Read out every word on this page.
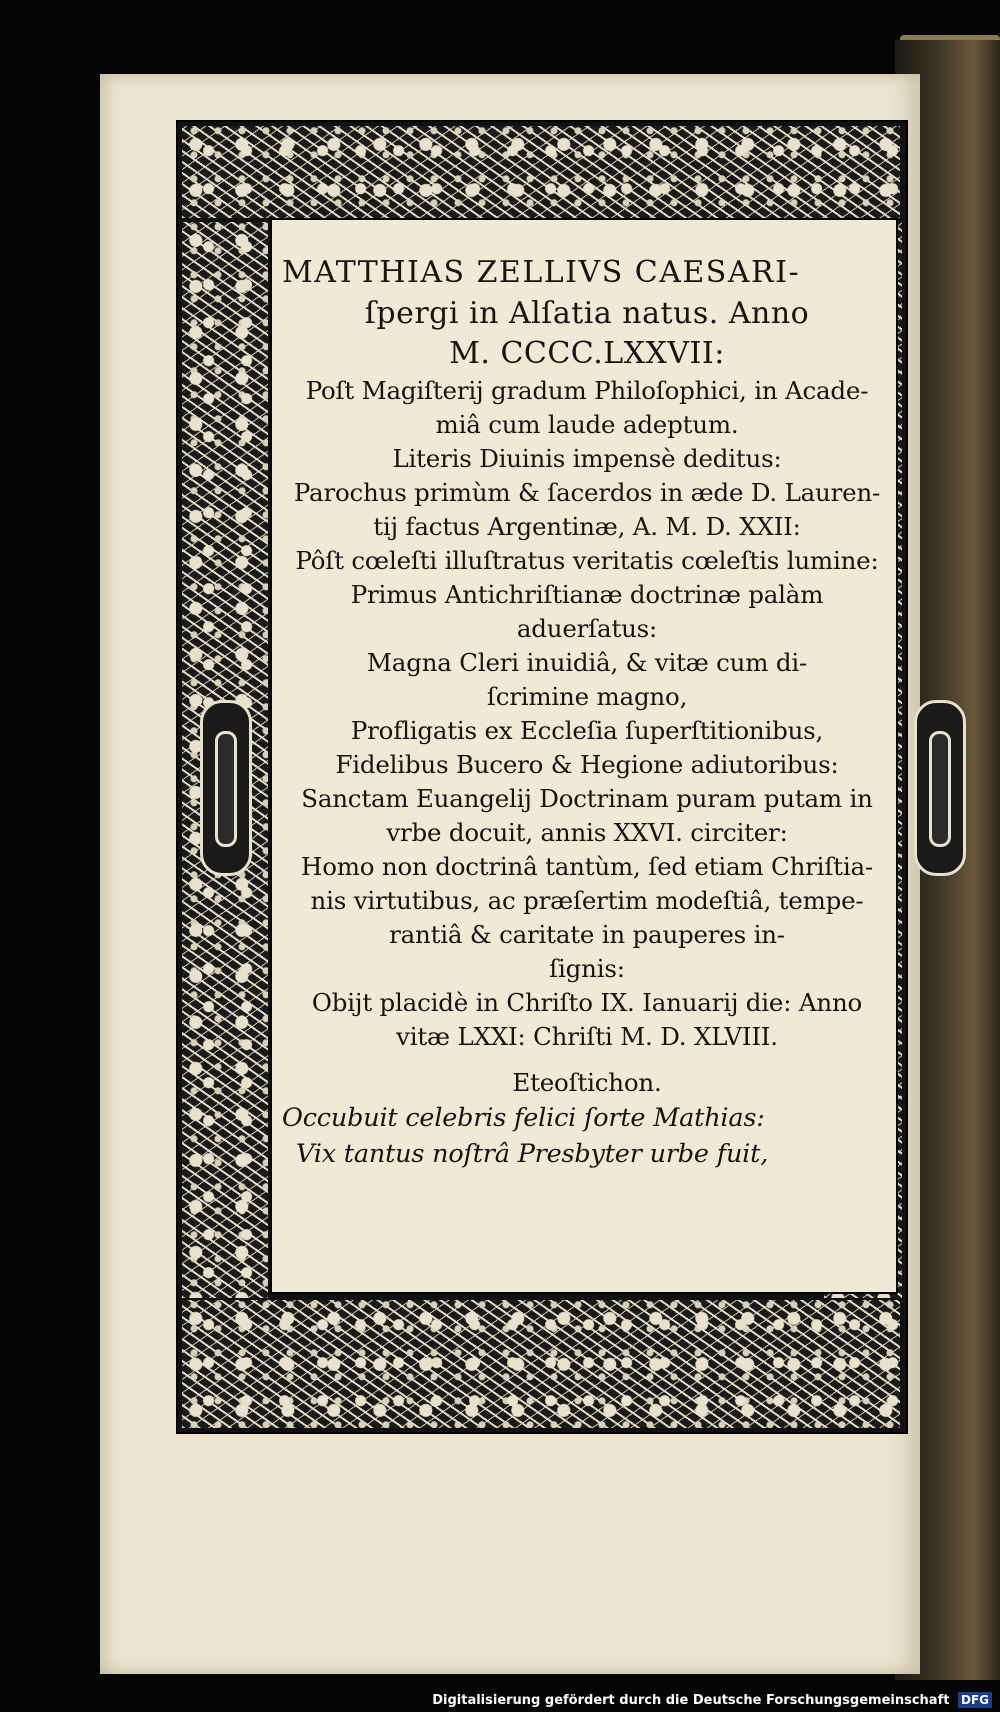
MATTHIAS ZELLIVS CAESARI-
ſpergi in Alſatia natus. Anno
M. CCCC.LXXVII:
Poſt Magiſterij gradum Philoſophici, in Acade-
miâ cum laude adeptum.
Literis Diuinis impensè deditus:
Parochus primùm & ſacerdos in æde D. Lauren-
tij factus Argentinæ, A. M. D. XXII:
Pôſt cœleſti illuſtratus veritatis cœleſtis lumine:
Primus Antichriſtianæ doctrinæ palàm
aduerſatus:
Magna Cleri inuidiâ, & vitæ cum di-
ſcrimine magno,
Profligatis ex Eccleſia ſuperſtitionibus,
Fidelibus Bucero & Hegione adiutoribus:
Sanctam Euangelij Doctrinam puram putam in
vrbe docuit, annis XXVI. circiter:
Homo non doctrinâ tantùm, ſed etiam Chriſtia-
nis virtutibus, ac præſertim modeſtiâ, tempe-
rantiâ & caritate in pauperes in-
ſignis:
Obijt placidè in Chriſto IX. Ianuarij die: Anno
vitæ LXXI: Chriſti M. D. XLVIII.
Eteoſtichon.
Occubuit celebris felici ſorte Mathias:
Vix tantus noſtrâ Presbyter urbe fuit,
Digitalisierung gefördert durch die Deutsche Forschungsgemeinschaft DFG
